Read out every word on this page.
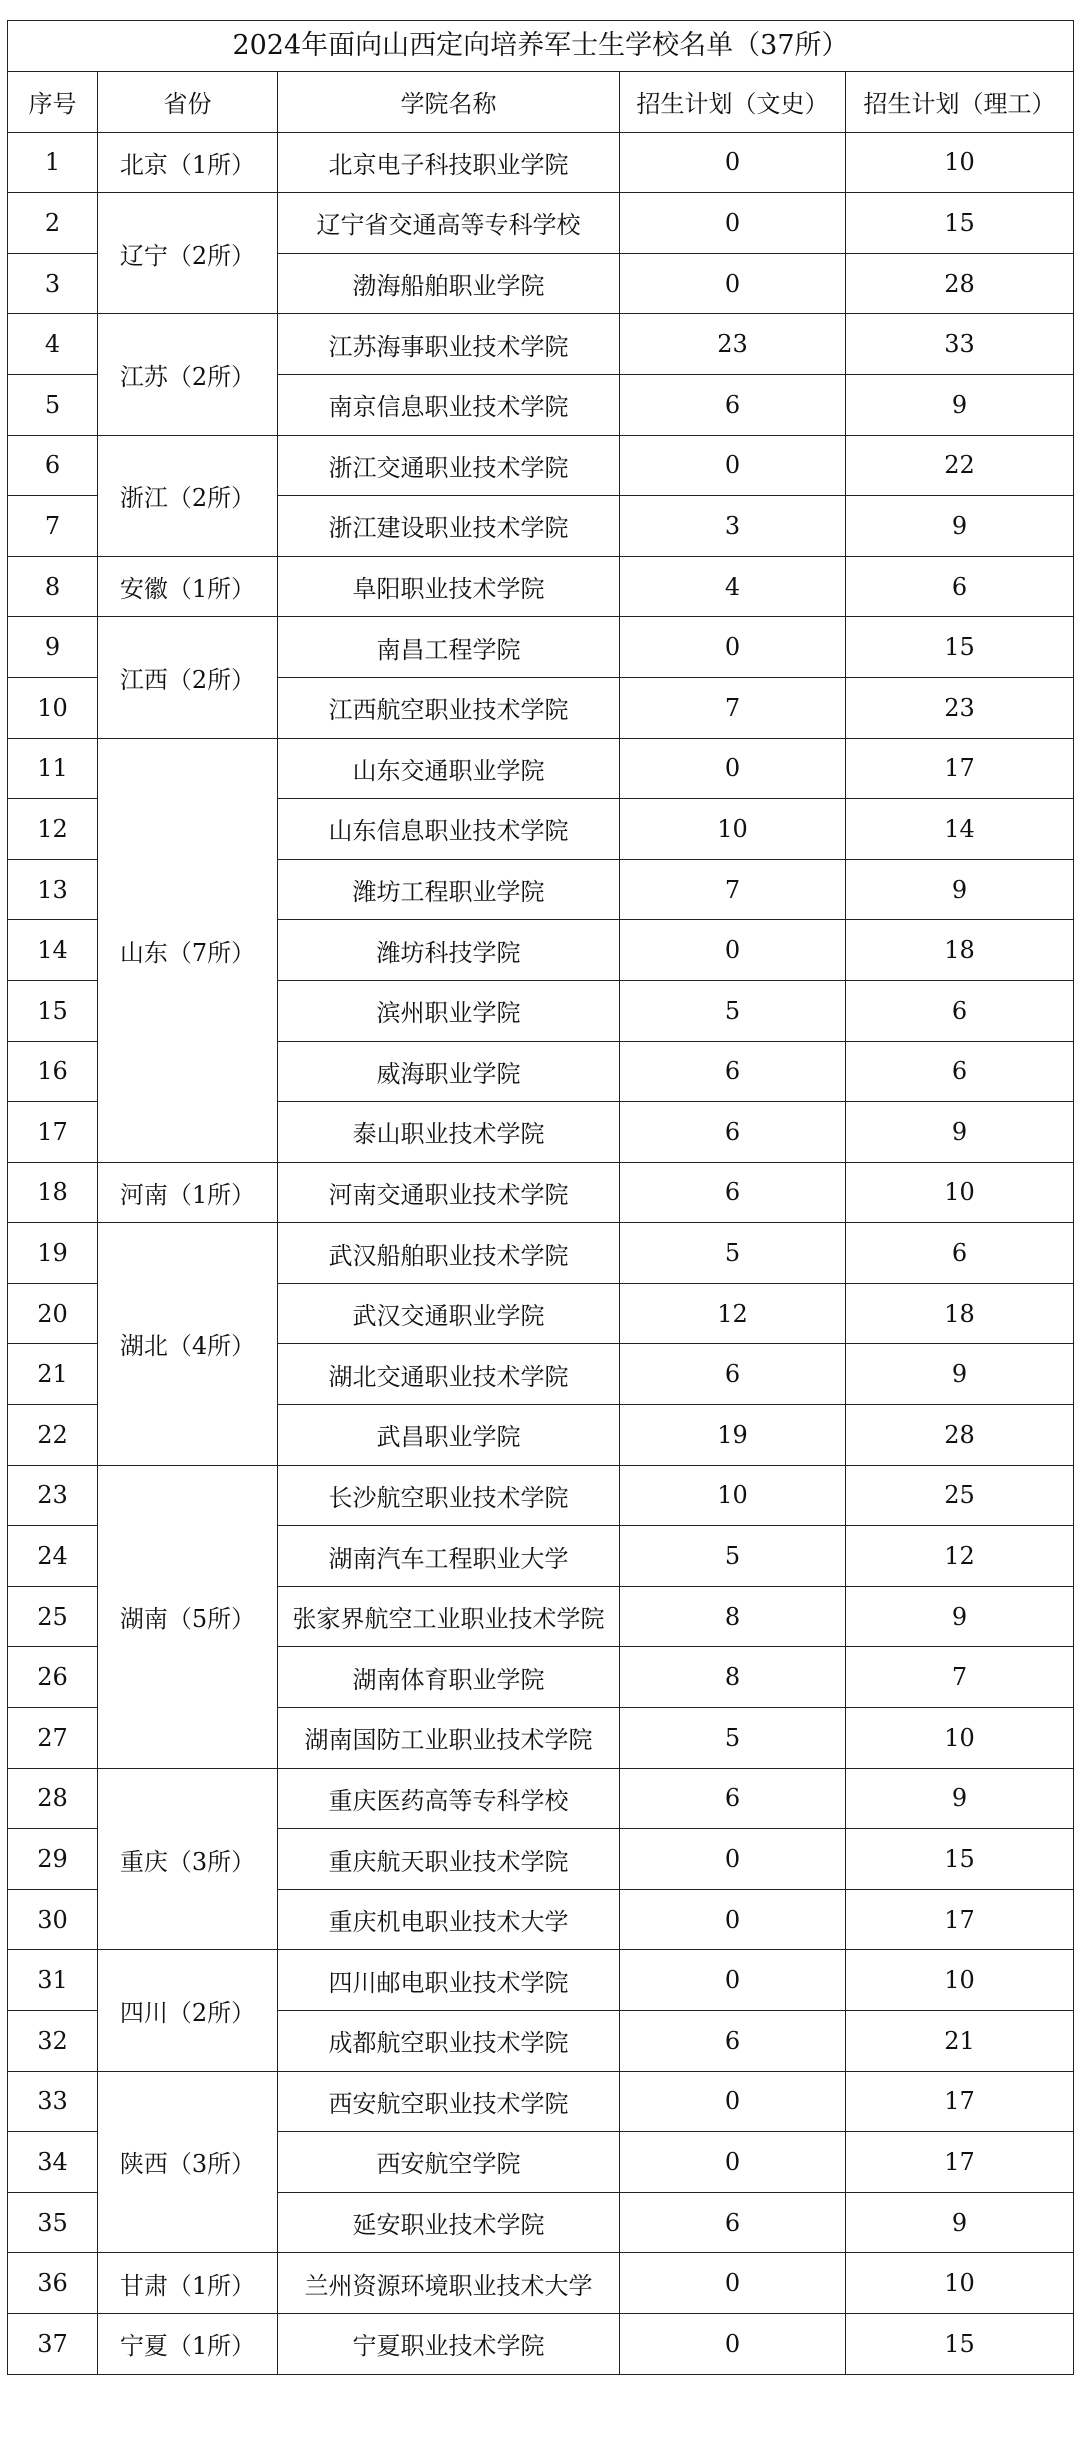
2024年面向山西定向培养军士生学校名单（37所）
序号	省份	学院名称	招生计划（文史）	招生计划（理工）
1	北京（1所）	北京电子科技职业学院	0	10
2	辽宁（2所）	辽宁省交通高等专科学校	0	15
3		渤海船舶职业学院	0	28
4	江苏（2所）	江苏海事职业技术学院	23	33
5		南京信息职业技术学院	6	9
6	浙江（2所）	浙江交通职业技术学院	0	22
7		浙江建设职业技术学院	3	9
8	安徽（1所）	阜阳职业技术学院	4	6
9	江西（2所）	南昌工程学院	0	15
10		江西航空职业技术学院	7	23
11	山东（7所）	山东交通职业学院	0	17
12		山东信息职业技术学院	10	14
13		潍坊工程职业学院	7	9
14		潍坊科技学院	0	18
15		滨州职业学院	5	6
16		威海职业学院	6	6
17		泰山职业技术学院	6	9
18	河南（1所）	河南交通职业技术学院	6	10
19	湖北（4所）	武汉船舶职业技术学院	5	6
20		武汉交通职业学院	12	18
21		湖北交通职业技术学院	6	9
22		武昌职业学院	19	28
23	湖南（5所）	长沙航空职业技术学院	10	25
24		湖南汽车工程职业大学	5	12
25		张家界航空工业职业技术学院	8	9
26		湖南体育职业学院	8	7
27		湖南国防工业职业技术学院	5	10
28	重庆（3所）	重庆医药高等专科学校	6	9
29		重庆航天职业技术学院	0	15
30		重庆机电职业技术大学	0	17
31	四川（2所）	四川邮电职业技术学院	0	10
32		成都航空职业技术学院	6	21
33	陕西（3所）	西安航空职业技术学院	0	17
34		西安航空学院	0	17
35		延安职业技术学院	6	9
36	甘肃（1所）	兰州资源环境职业技术大学	0	10
37	宁夏（1所）	宁夏职业技术学院	0	15
